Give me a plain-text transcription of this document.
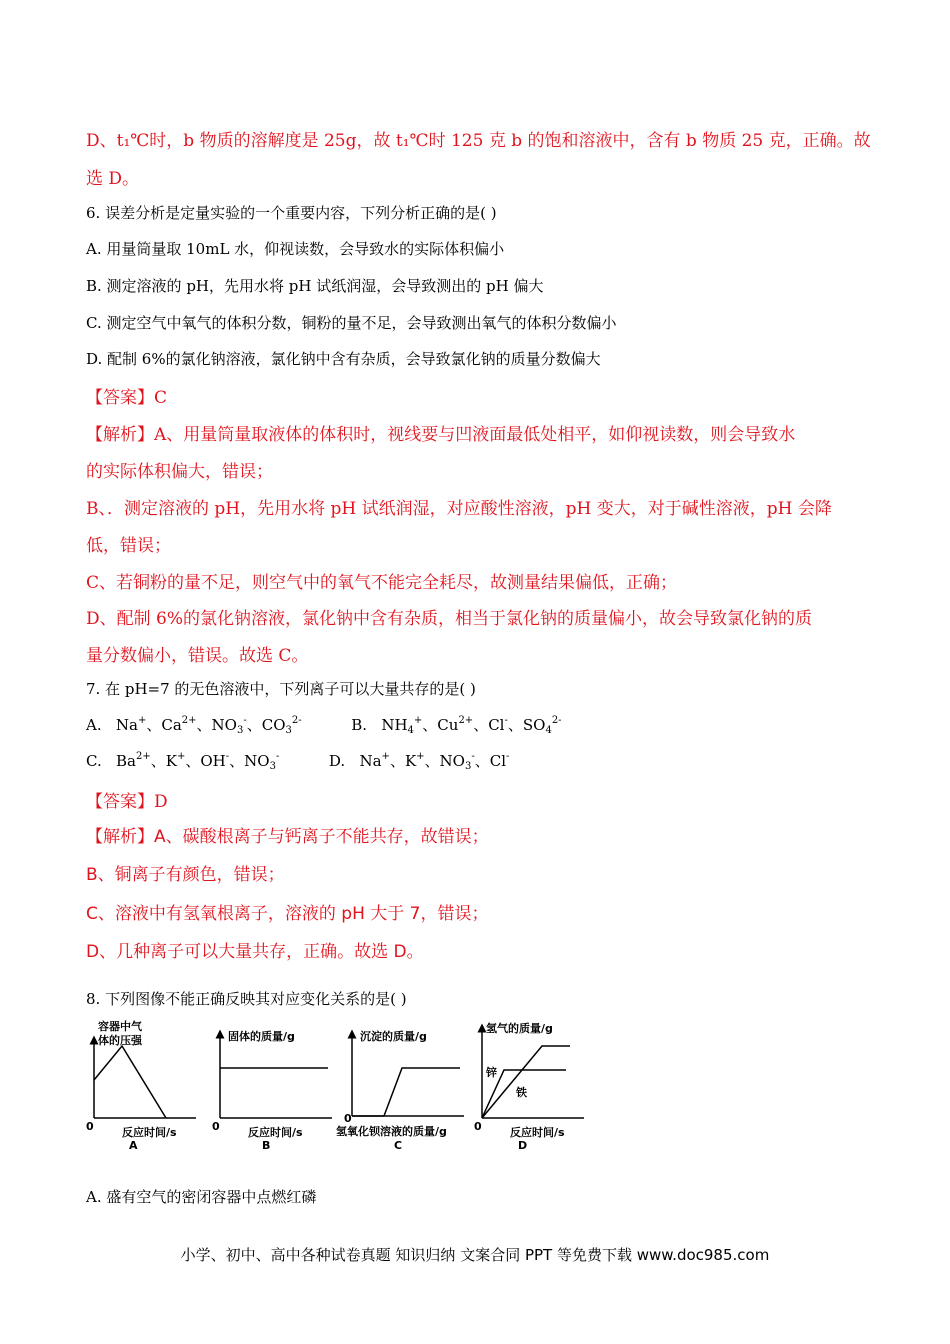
D、t₁℃时，b 物质的溶解度是 25g，故 t₁℃时 125 克 b 的饱和溶液中，含有 b 物质 25 克，正确。故
选 D。
6. 误差分析是定量实验的一个重要内容，下列分析正确的是( )
A. 用量筒量取 10mL 水，仰视读数，会导致水的实际体积偏小
B. 测定溶液的 pH，先用水将 pH 试纸润湿，会导致测出的 pH 偏大
C. 测定空气中氧气的体积分数，铜粉的量不足，会导致测出氧气的体积分数偏小
D. 配制 6%的氯化钠溶液，氯化钠中含有杂质，会导致氯化钠的质量分数偏大
【答案】C
【解析】A、用量筒量取液体的体积时，视线要与凹液面最低处相平，如仰视读数，则会导致水
的实际体积偏大，错误；
B、．测定溶液的 pH，先用水将 pH 试纸润湿，对应酸性溶液，pH 变大，对于碱性溶液，pH 会降
低，错误；
C、若铜粉的量不足，则空气中的氧气不能完全耗尽，故测量结果偏低，正确；
D、配制 6%的氯化钠溶液，氯化钠中含有杂质，相当于氯化钠的质量偏小，故会导致氯化钠的质
量分数偏小，错误。故选 C。
7. 在 pH=7 的无色溶液中，下列离子可以大量共存的是( )
A.   Na+、$Ca^{2+}$、$NO_3^-$、$CO_3^{2-}$	B.   $NH_4^+$、$Cu^{2+}$、Cl-、$SO_4^{2-}$
C.   $Ba^{2+}$、K+、OH-、$NO_3^-$	D.   Na+、K+、$NO_3^-$、Cl-
【答案】D
【解析】A、碳酸根离子与钙离子不能共存，故错误；
B、铜离子有颜色，错误；
C、溶液中有氢氧根离子，溶液的 pH 大于 7，错误；
D、几种离子可以大量共存，正确。故选 D。
8. 下列图像不能正确反映其对应变化关系的是( )
容器中气
体的压强
0	反应时间/s
A
固体的质量/g
0	反应时间/s
B
沉淀的质量/g
0
氢氧化钡溶液的质量/g
C
氢气的质量/g
锌
铁
0	反应时间/s
D
A. 盛有空气的密闭容器中点燃红磷
小学、初中、高中各种试卷真题 知识归纳 文案合同 PPT 等免费下载 www.doc985.com
